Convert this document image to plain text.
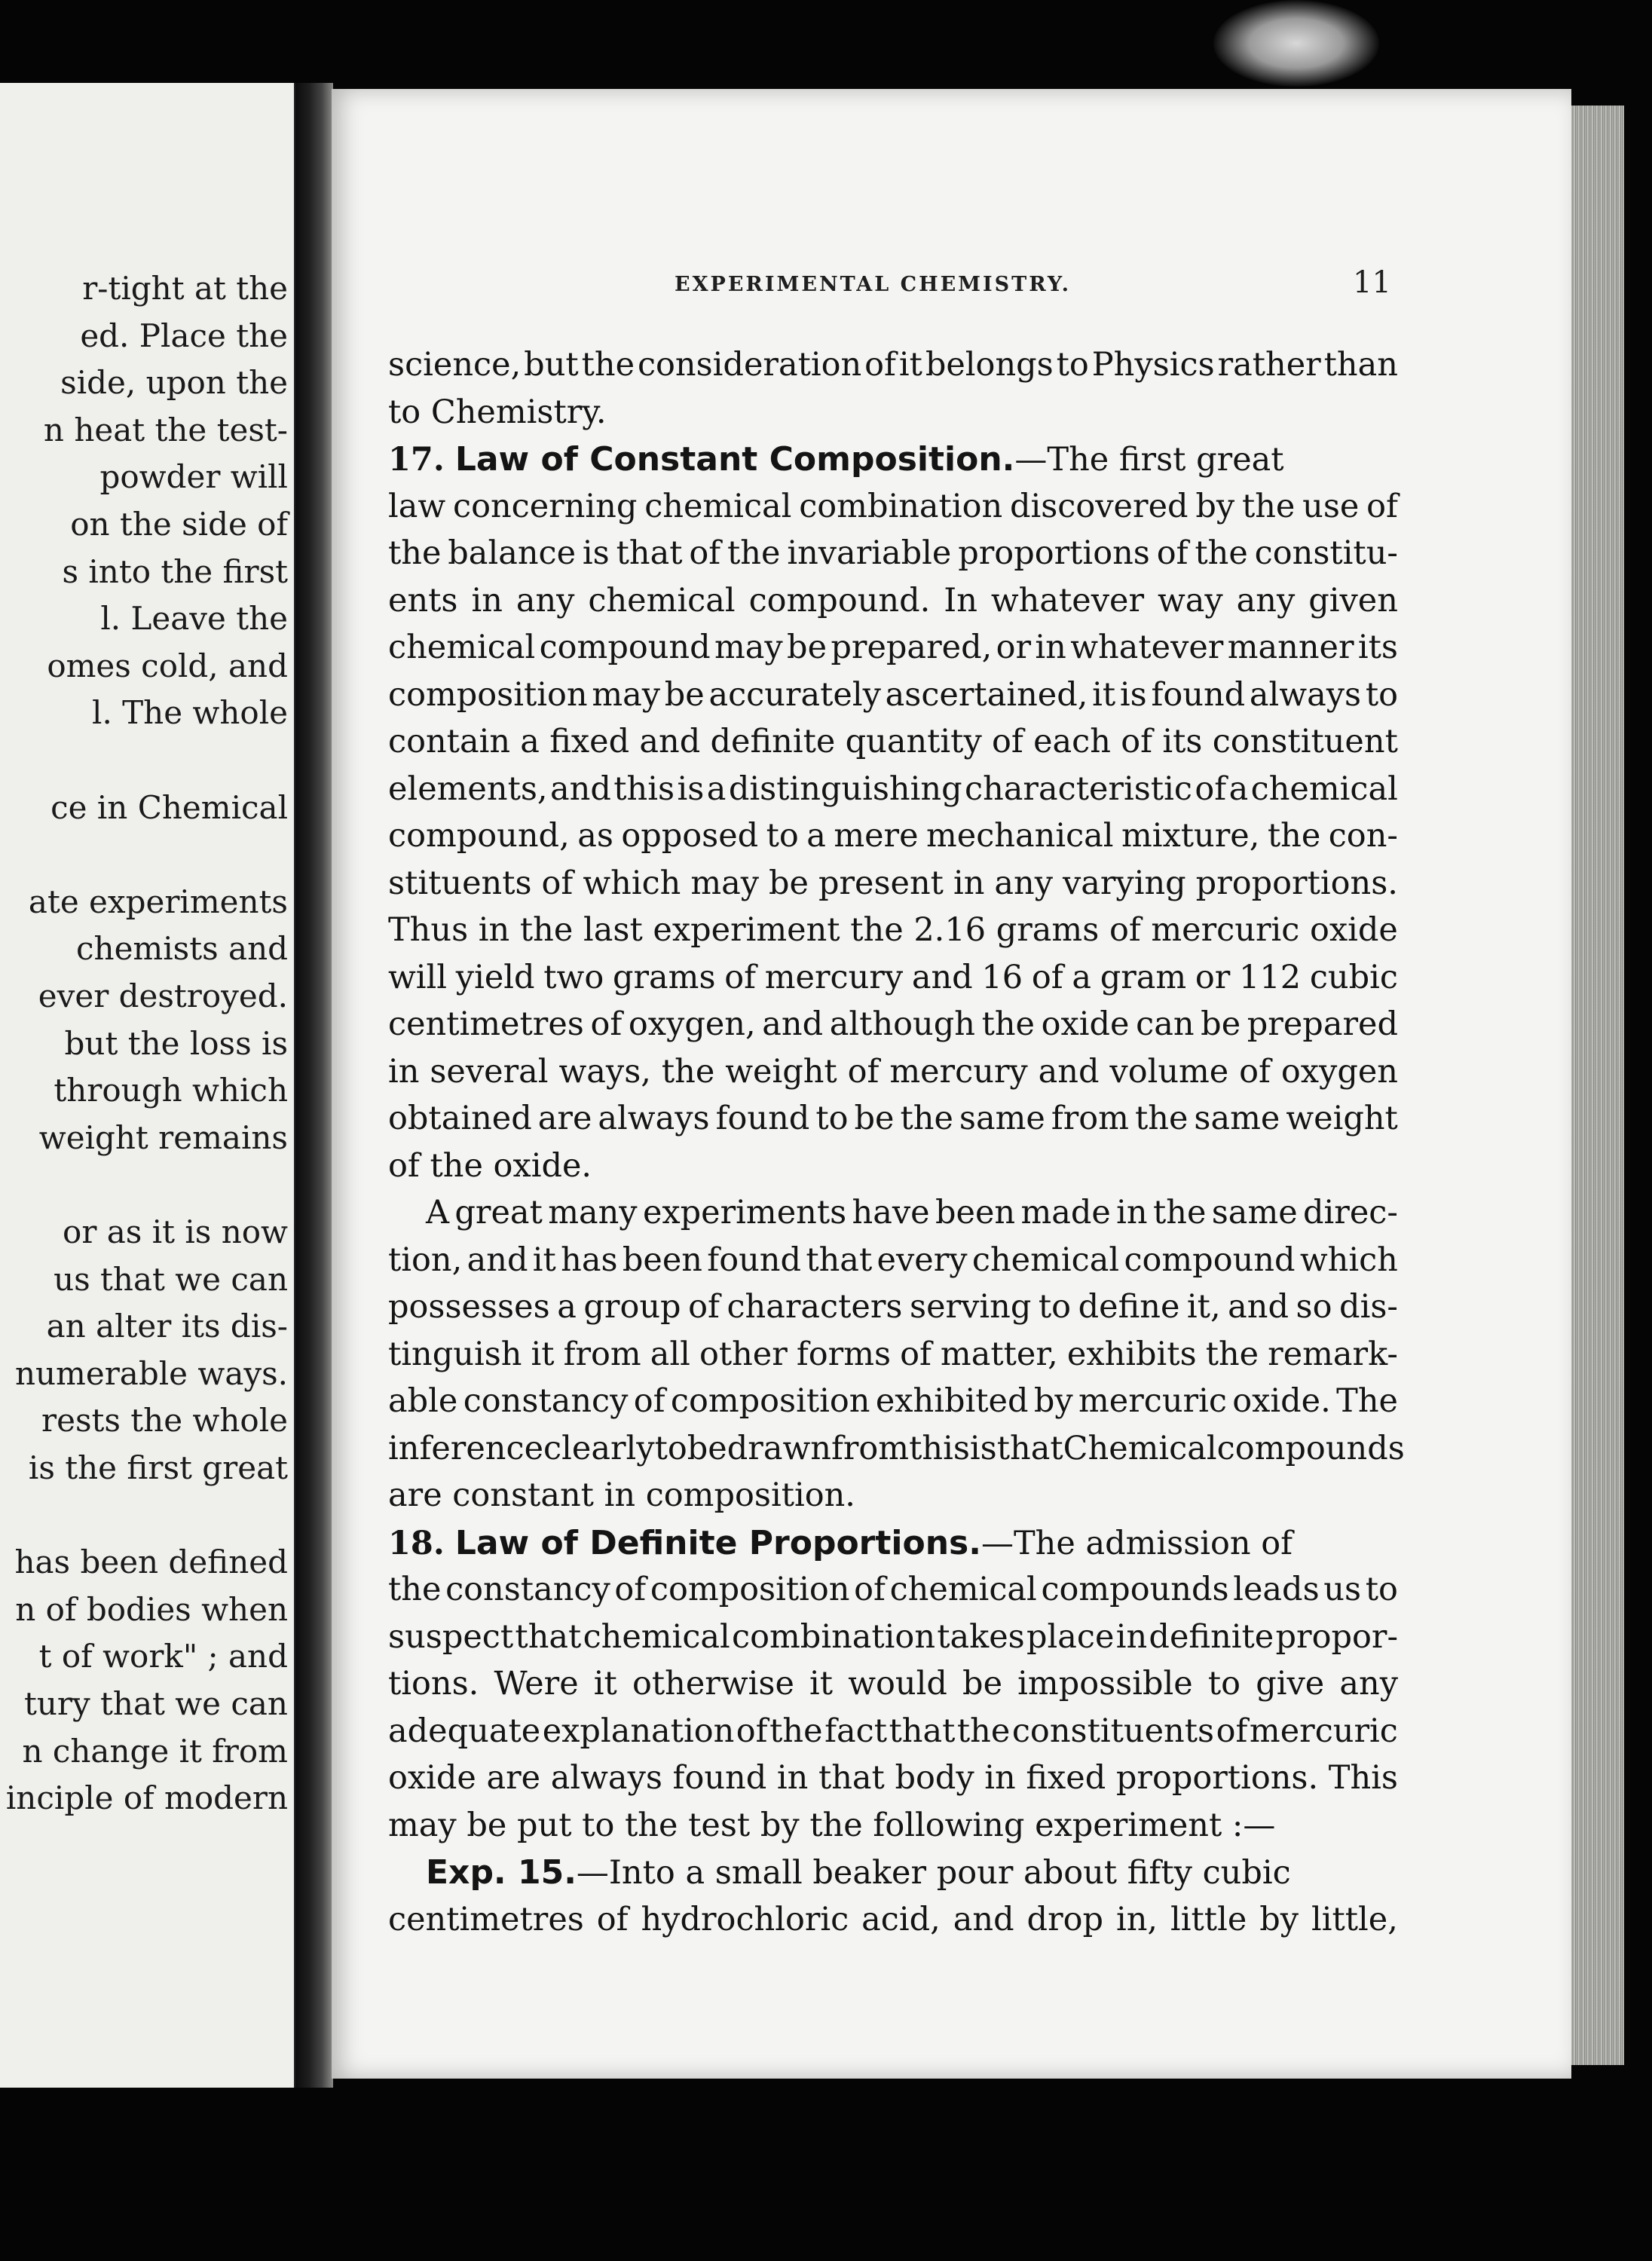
r-tight at the
ed. Place the
side, upon the
n heat the test-
powder will
on the side of
s into the first
l. Leave the
omes cold, and
l. The whole
ce in Chemical
ate experiments
chemists and
ever destroyed.
but the loss is
through which
weight remains
or as it is now
us that we can
an alter its dis-
numerable ways.
rests the whole
is the first great
has been defined
n of bodies when
t of work" ; and
tury that we can
n change it from
inciple of modern
EXPERIMENTAL CHEMISTRY.	11
science, but the consideration of it belongs to Physics rather than
to Chemistry.
17. Law of Constant Composition. —The first great
law concerning chemical combination discovered by the use of
the balance is that of the invariable proportions of the constitu-
ents in any chemical compound. In whatever way any given
chemical compound may be prepared, or in whatever manner its
composition may be accurately ascertained, it is found always to
contain a fixed and definite quantity of each of its constituent
elements, and this is a distinguishing characteristic of a chemical
compound, as opposed to a mere mechanical mixture, the con-
stituents of which may be present in any varying proportions.
Thus in the last experiment the 2.16 grams of mercuric oxide
will yield two grams of mercury and 16 of a gram or 112 cubic
centimetres of oxygen, and although the oxide can be prepared
in several ways, the weight of mercury and volume of oxygen
obtained are always found to be the same from the same weight
of the oxide.
A great many experiments have been made in the same direc-
tion, and it has been found that every chemical compound which
possesses a group of characters serving to define it, and so dis-
tinguish it from all other forms of matter, exhibits the remark-
able constancy of composition exhibited by mercuric oxide. The
inference clearly to be drawn from this is that Chemical compounds
are constant in composition.
18. Law of Definite Proportions. —The admission of
the constancy of composition of chemical compounds leads us to
suspect that chemical combination takes place in definite propor-
tions. Were it otherwise it would be impossible to give any
adequate explanation of the fact that the constituents of mercuric
oxide are always found in that body in fixed proportions. This
may be put to the test by the following experiment :—
Exp. 15. —Into a small beaker pour about fifty cubic
centimetres of hydrochloric acid, and drop in, little by little,
